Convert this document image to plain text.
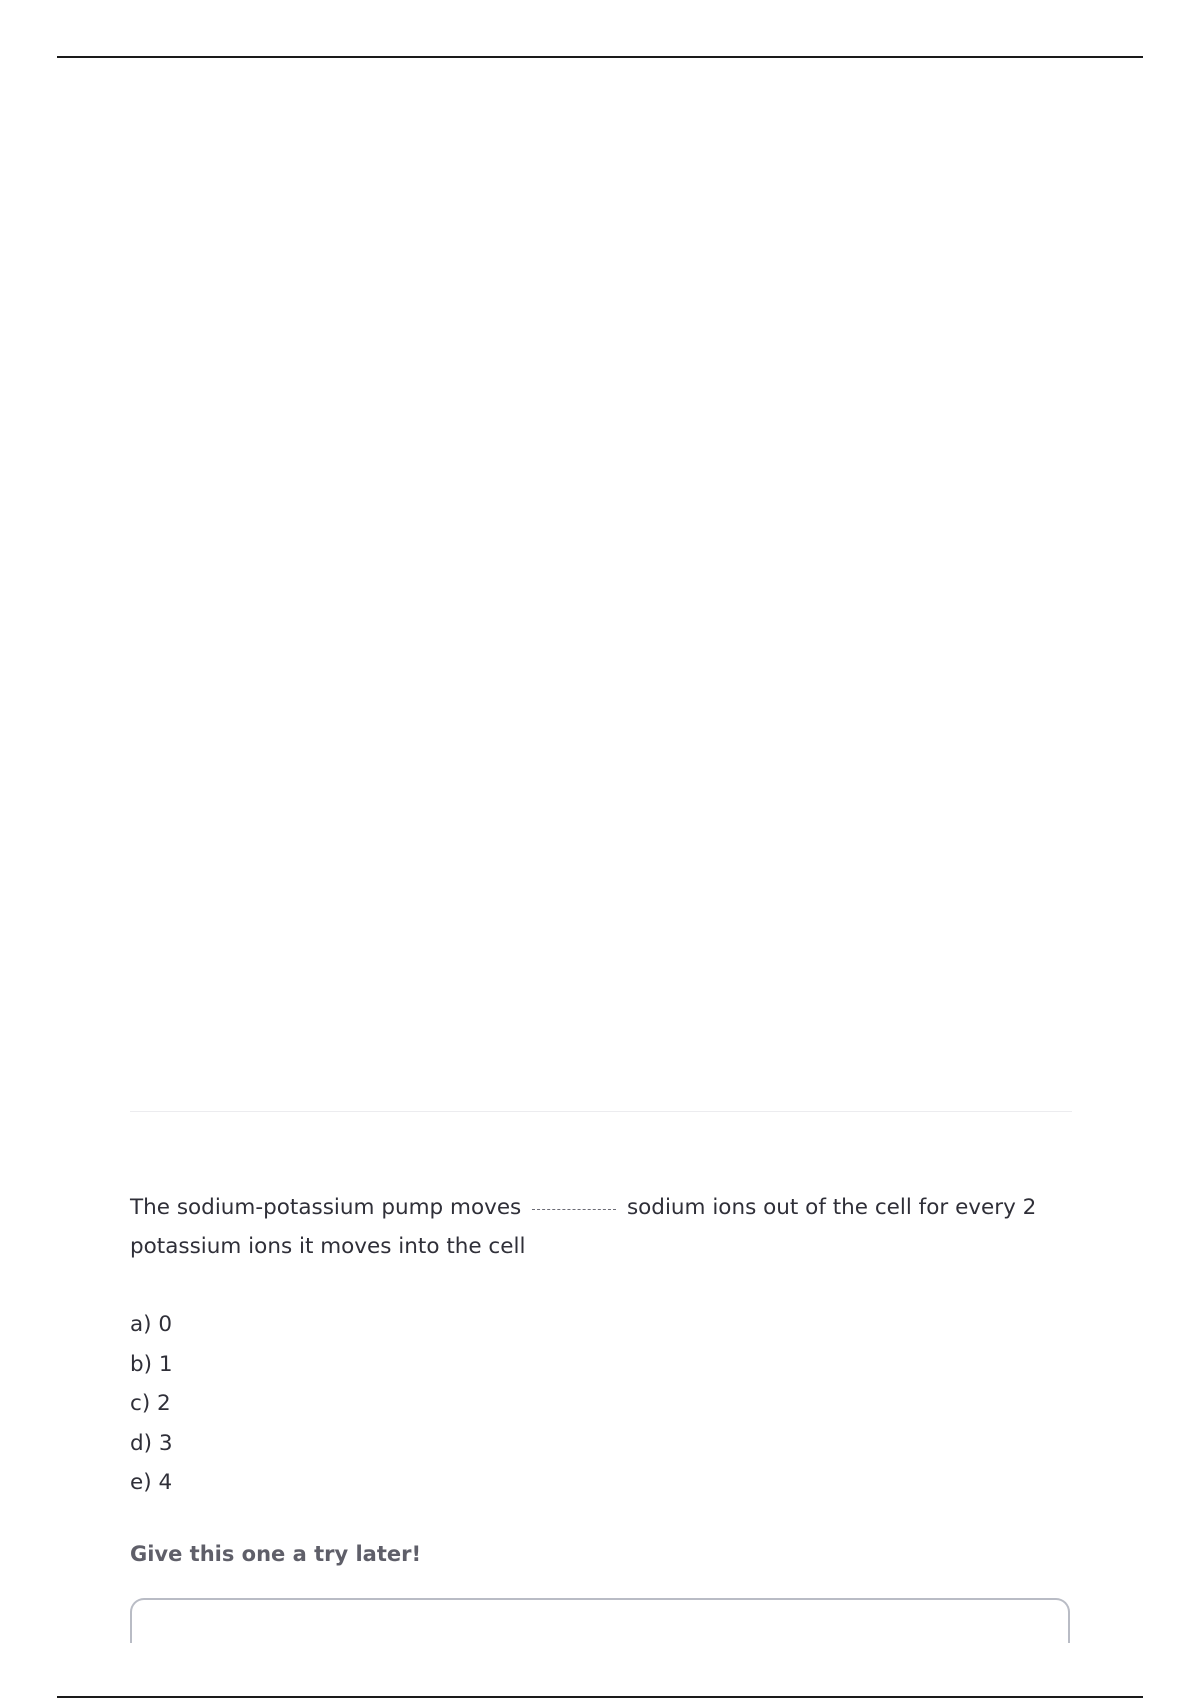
The sodium-potassium pump moves	sodium ions out of the cell for every 2 potassium ions it moves into the cell
a) 0
b) 1
c) 2
d) 3
e) 4
Give this one a try later!
